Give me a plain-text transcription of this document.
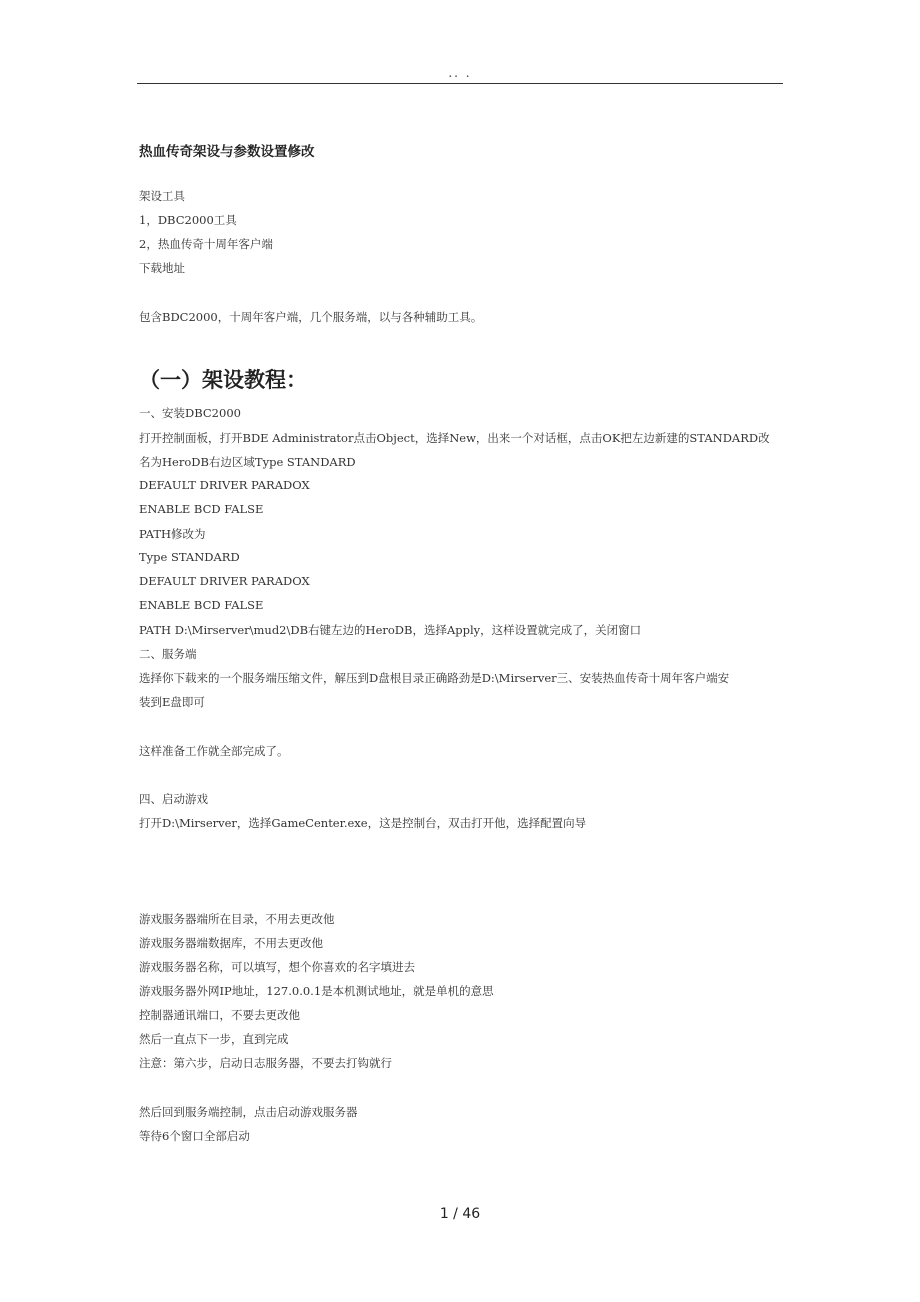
.. .
热血传奇架设与参数设置修改
架设工具
1，DBC2000工具
2，热血传奇十周年客户端
下载地址
包含BDC2000，十周年客户端，几个服务端，以与各种辅助工具。
（一）架设教程：
一、安装DBC2000
打开控制面板，打开BDE Administrator点击Object，选择New，出来一个对话框，点击OK把左边新建的STANDARD改
名为HeroDB右边区域Type STANDARD
DEFAULT DRIVER PARADOX
ENABLE BCD FALSE
PATH修改为
Type STANDARD
DEFAULT DRIVER PARADOX
ENABLE BCD FALSE
PATH D:\Mirserver\mud2\DB右键左边的HeroDB，选择Apply，这样设置就完成了，关闭窗口
二、服务端
选择你下载来的一个服务端压缩文件，解压到D盘根目录正确路劲是D:\Mirserver三、安装热血传奇十周年客户端安
装到E盘即可
这样准备工作就全部完成了。
四、启动游戏
打开D:\Mirserver，选择GameCenter.exe，这是控制台，双击打开他，选择配置向导
游戏服务器端所在目录，不用去更改他
游戏服务器端数据库，不用去更改他
游戏服务器名称，可以填写，想个你喜欢的名字填进去
游戏服务器外网IP地址，127.0.0.1是本机测试地址，就是单机的意思
控制器通讯端口，不要去更改他
然后一直点下一步，直到完成
注意：第六步，启动日志服务器，不要去打钩就行
然后回到服务端控制，点击启动游戏服务器
等待6个窗口全部启动
1 / 46
